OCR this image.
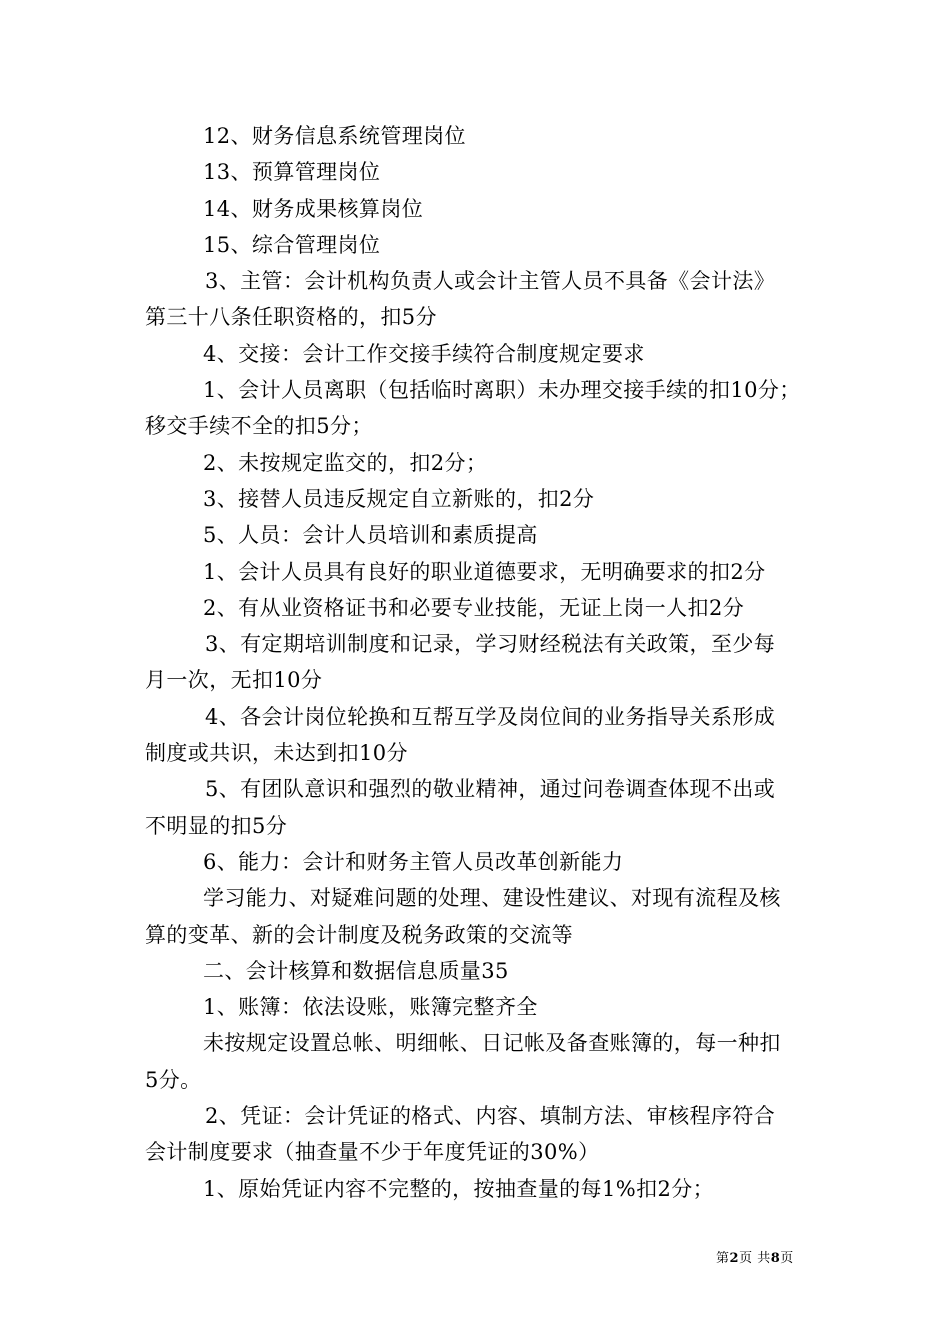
12、财务信息系统管理岗位
13、预算管理岗位
14、财务成果核算岗位
15、综合管理岗位
3、主管：会计机构负责人或会计主管人员不具备《会计法》
第三十八条任职资格的，扣5分
4、交接：会计工作交接手续符合制度规定要求
1、会计人员离职（包括临时离职）未办理交接手续的扣10分；
移交手续不全的扣5分；
2、未按规定监交的，扣2分；
3、接替人员违反规定自立新账的，扣2分
5、人员：会计人员培训和素质提高
1、会计人员具有良好的职业道德要求，无明确要求的扣2分
2、有从业资格证书和必要专业技能，无证上岗一人扣2分
3、有定期培训制度和记录，学习财经税法有关政策，至少每
月一次，无扣10分
4、各会计岗位轮换和互帮互学及岗位间的业务指导关系形成
制度或共识，未达到扣10分
5、有团队意识和强烈的敬业精神，通过问卷调查体现不出或
不明显的扣5分
6、能力：会计和财务主管人员改革创新能力
学习能力、对疑难问题的处理、建设性建议、对现有流程及核
算的变革、新的会计制度及税务政策的交流等
二、会计核算和数据信息质量35
1、账簿：依法设账，账簿完整齐全
未按规定设置总帐、明细帐、日记帐及备查账簿的，每一种扣
5分。
2、凭证：会计凭证的格式、内容、填制方法、审核程序符合
会计制度要求（抽查量不少于年度凭证的30%）
1、原始凭证内容不完整的，按抽查量的每1%扣2分；
第2页 共8页
